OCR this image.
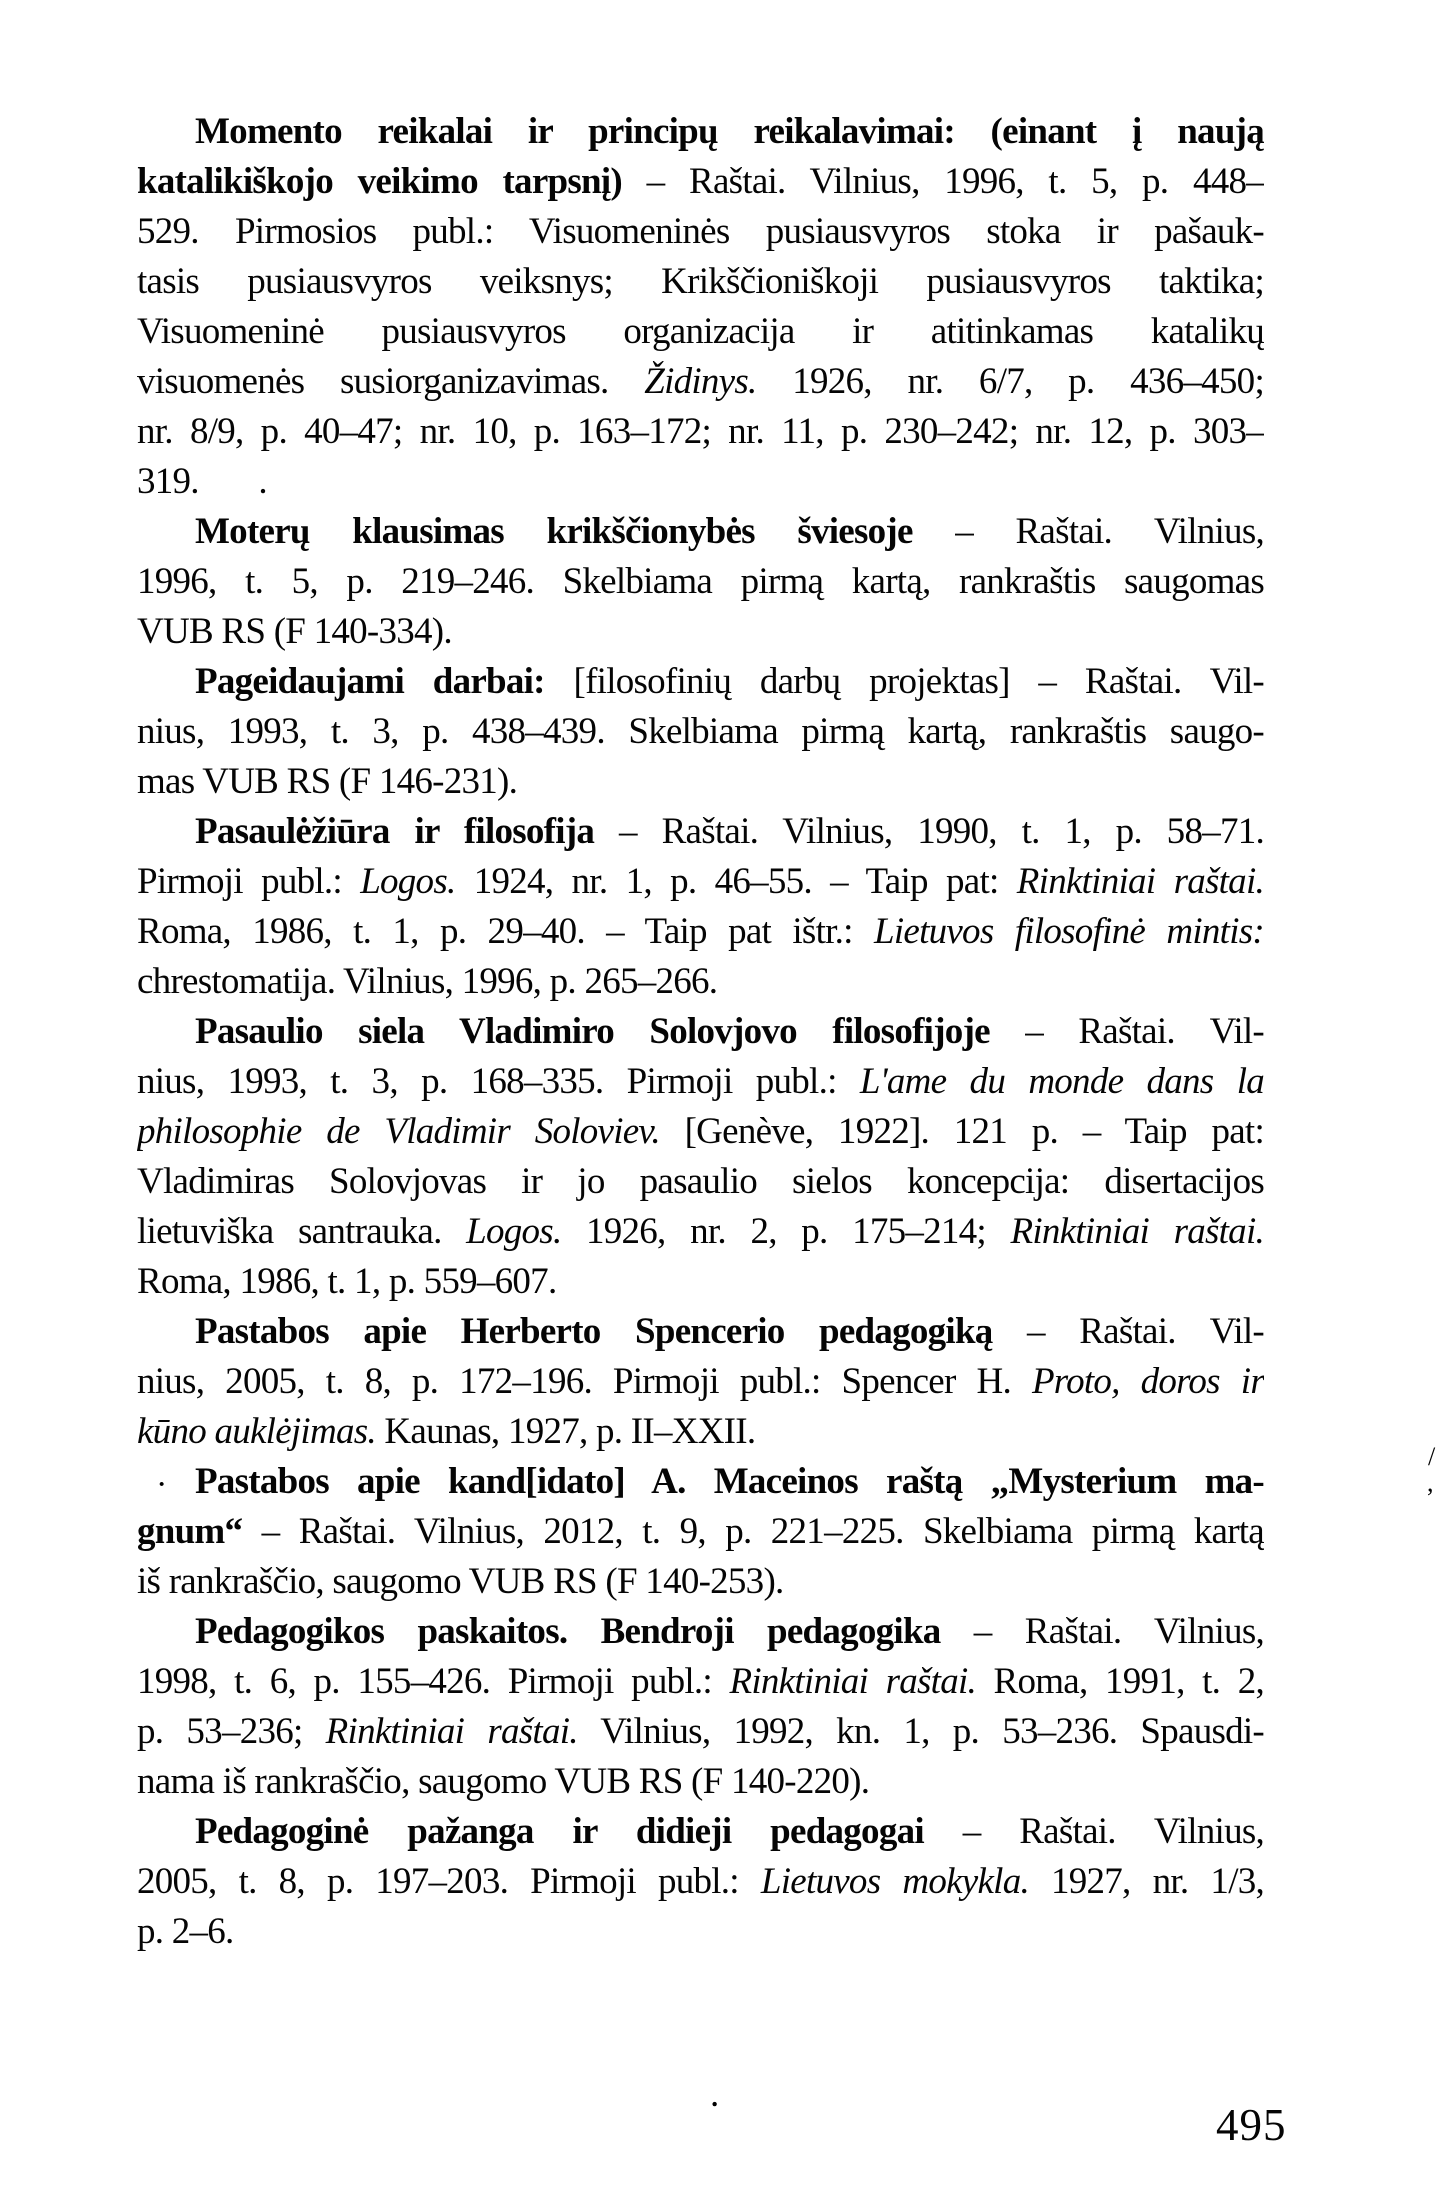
Momento reikalai ir principų reikalavimai: (einant į naują
katalikiškojo veikimo tarpsnį) – Raštai. Vilnius, 1996, t. 5, p. 448–
529. Pirmosios publ.: Visuomeninės pusiausvyros stoka ir pašauk-
tasis pusiausvyros veiksnys; Krikščioniškoji pusiausvyros taktika;
Visuomeninė pusiausvyros organizacija ir atitinkamas katalikų
visuomenės susiorganizavimas. Židinys. 1926, nr. 6/7, p. 436–450;
nr. 8/9, p. 40–47; nr. 10, p. 163–172; nr. 11, p. 230–242; nr. 12, p. 303–
319.       .
Moterų klausimas krikščionybės šviesoje – Raštai. Vilnius,
1996, t. 5, p. 219–246. Skelbiama pirmą kartą, rankraštis saugomas
VUB RS (F 140-334).
Pageidaujami darbai: [filosofinių darbų projektas] – Raštai. Vil-
nius, 1993, t. 3, p. 438–439. Skelbiama pirmą kartą, rankraštis saugo-
mas VUB RS (F 146-231).
Pasaulėžiūra ir filosofija – Raštai. Vilnius, 1990, t. 1, p. 58–71.
Pirmoji publ.: Logos. 1924, nr. 1, p. 46–55. – Taip pat: Rinktiniai raštai.
Roma, 1986, t. 1, p. 29–40. – Taip pat ištr.: Lietuvos filosofinė mintis:
chrestomatija. Vilnius, 1996, p. 265–266.
Pasaulio siela Vladimiro Solovjovo filosofijoje – Raštai. Vil-
nius, 1993, t. 3, p. 168–335. Pirmoji publ.: L'ame du monde dans la
philosophie de Vladimir Soloviev. [Genève, 1922]. 121 p. – Taip pat:
Vladimiras Solovjovas ir jo pasaulio sielos koncepcija: disertacijos
lietuviška santrauka. Logos. 1926, nr. 2, p. 175–214; Rinktiniai raštai.
Roma, 1986, t. 1, p. 559–607.
Pastabos apie Herberto Spencerio pedagogiką – Raštai. Vil-
nius, 2005, t. 8, p. 172–196. Pirmoji publ.: Spencer H. Proto, doros ir
kūno auklėjimas. Kaunas, 1927, p. II–XXII.
Pastabos apie kand[idato] A. Maceinos raštą „Mysterium ma-
gnum“ – Raštai. Vilnius, 2012, t. 9, p. 221–225. Skelbiama pirmą kartą
iš rankraščio, saugomo VUB RS (F 140-253).
Pedagogikos paskaitos. Bendroji pedagogika – Raštai. Vilnius,
1998, t. 6, p. 155–426. Pirmoji publ.: Rinktiniai raštai. Roma, 1991, t. 2,
p. 53–236; Rinktiniai raštai. Vilnius, 1992, kn. 1, p. 53–236. Spausdi-
nama iš rankraščio, saugomo VUB RS (F 140-220).
Pedagoginė pažanga ir didieji pedagogai – Raštai. Vilnius,
2005, t. 8, p. 197–203. Pirmoji publ.: Lietuvos mokykla. 1927, nr. 1/3,
p. 2–6.
495
·
.
/
,
